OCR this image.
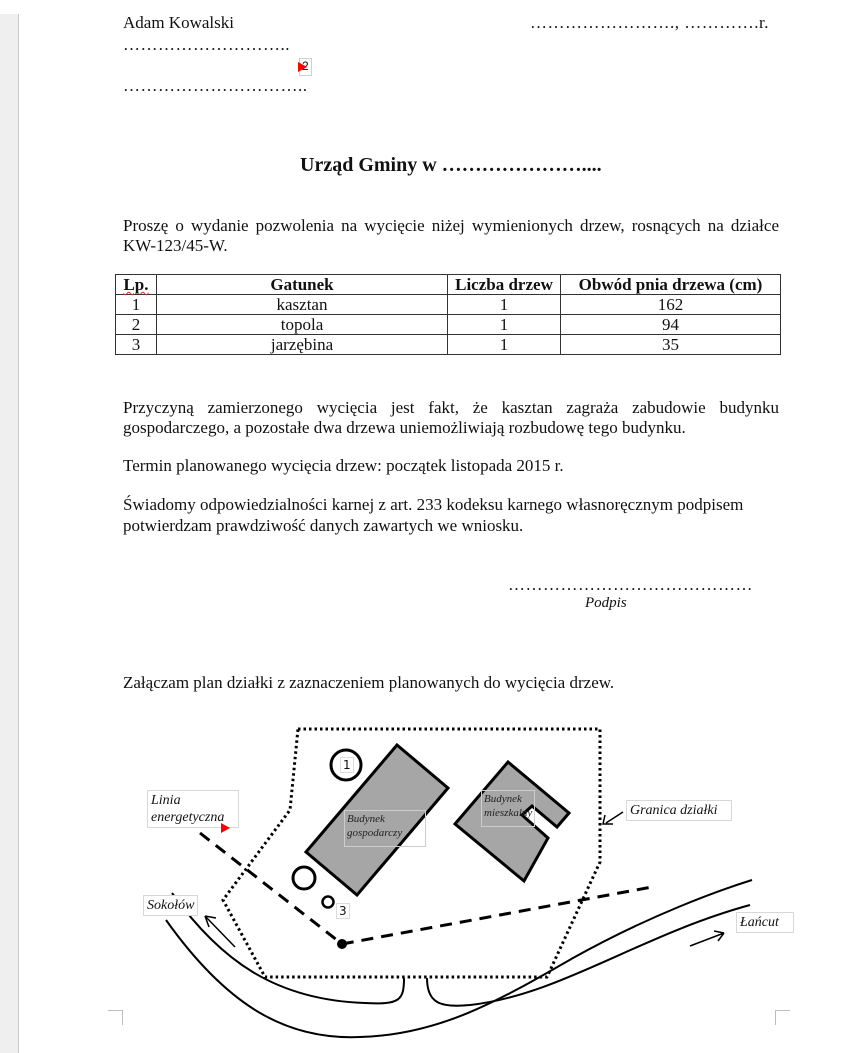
Adam Kowalski
………………………..
…………………………..
……………………., ………….r.
2
Urząd Gminy w …………………....
Proszę o wydanie pozwolenia na wycięcie niżej wymienionych drzew, rosnących na działce
KW-123/45-W.
Lp.	Gatunek	Liczba drzew	Obwód pnia drzewa (cm)
1	kasztan	1	162
2	topola	1	94
3	jarzębina	1	35
Przyczyną zamierzonego wycięcia jest fakt, że kasztan zagraża zabudowie budynku
gospodarczego, a pozostałe dwa drzewa uniemożliwiają rozbudowę tego budynku.
Termin planowanego wycięcia drzew: początek listopada 2015 r.
Świadomy odpowiedzialności karnej z art. 233 kodeksu karnego własnoręcznym podpisem
potwierdzam prawdziwość danych zawartych we wniosku.
……………………………………
Podpis
Załączam plan działki z zaznaczeniem planowanych do wycięcia drzew.
Linia
energetyczna	Granica działki
Sokołów
Łańcut
Budynek
gospodarczy
Budynek
mieszkalny
1
3
